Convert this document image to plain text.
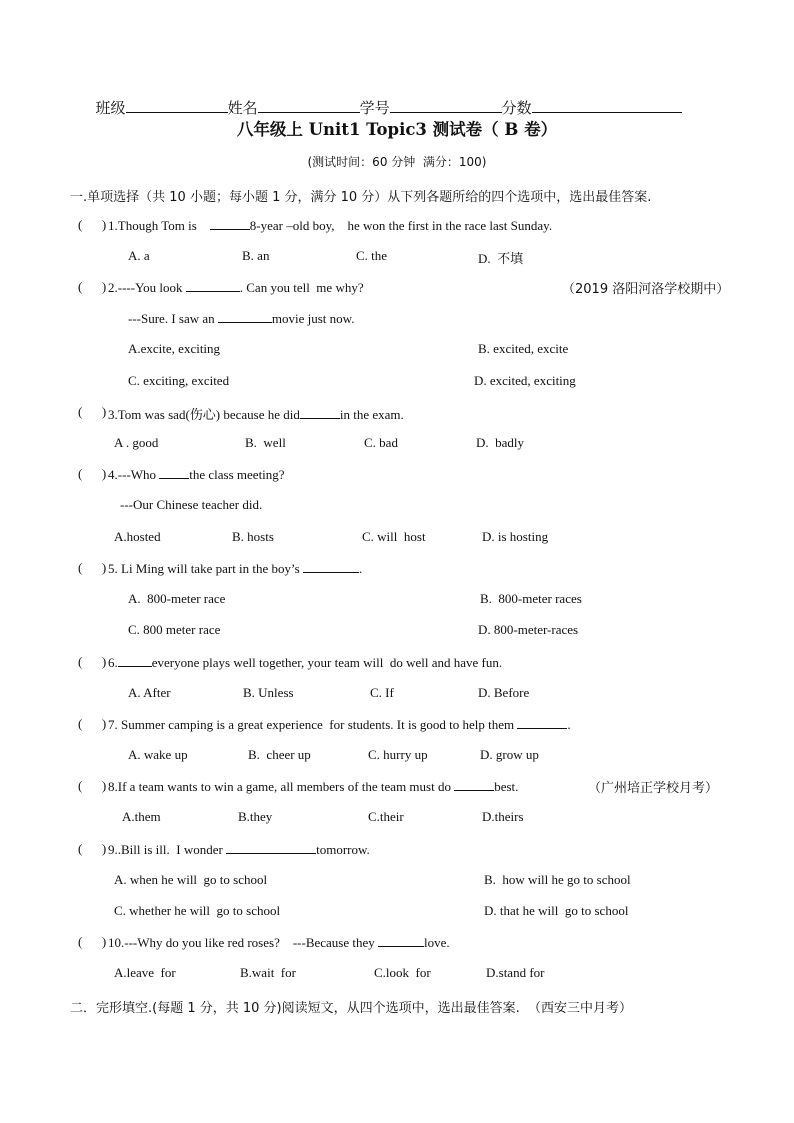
班级	姓名	学号	分数

八年级上 Unit1 Topic3 测试卷（ B 卷）
(测试时间：60 分钟  满分：100)
一.单项选择（共 10 小题；每小题 1 分，满分 10 分）从下列各题所给的四个选项中，选出最佳答案.
(      ) 1.Though Tom is	8-year –old boy,    he won the first in the race last Sunday.
A. a	B. an	C. the	D.  不填
(      ) 2.----You look	. Can you tell  me why?	（2019 洛阳河洛学校期中）
---Sure. I saw an	movie just now.
A.excite, exciting	B. excited, excite
C. exciting, excited	D. excited, exciting
(      ) 3.Tom was sad(伤心) because he did	in the exam.
A . good	B.  well	C. bad	D.  badly
(      ) 4.---Who	the class meeting?
---Our Chinese teacher did.
A.hosted	B. hosts	C. will  host	D. is hosting
(      ) 5. Li Ming will take part in the boy’s	.
A.  800-meter race	B.  800-meter races
C. 800 meter race	D. 800-meter-races
(      ) 6.	everyone plays well together, your team will  do well and have fun.
A. After	B. Unless	C. If	D. Before
(      ) 7. Summer camping is a great experience  for students. It is good to help them	.
A. wake up	B.  cheer up	C. hurry up	D. grow up
(      ) 8.If a team wants to win a game, all members of the team must do	best.	（广州培正学校月考）
A.them	B.they	C.their	D.theirs
(      ) 9..Bill is ill.  I wonder	tomorrow.
A. when he will  go to school	B.  how will he go to school
C. whether he will  go to school	D. that he will  go to school
(      ) 10.---Why do you like red roses?    ---Because they	love.
A.leave  for	B.wait  for	C.look  for	D.stand for
二．完形填空.(每题 1 分，共 10 分)阅读短文，从四个选项中，选出最佳答案. （西安三中月考）
